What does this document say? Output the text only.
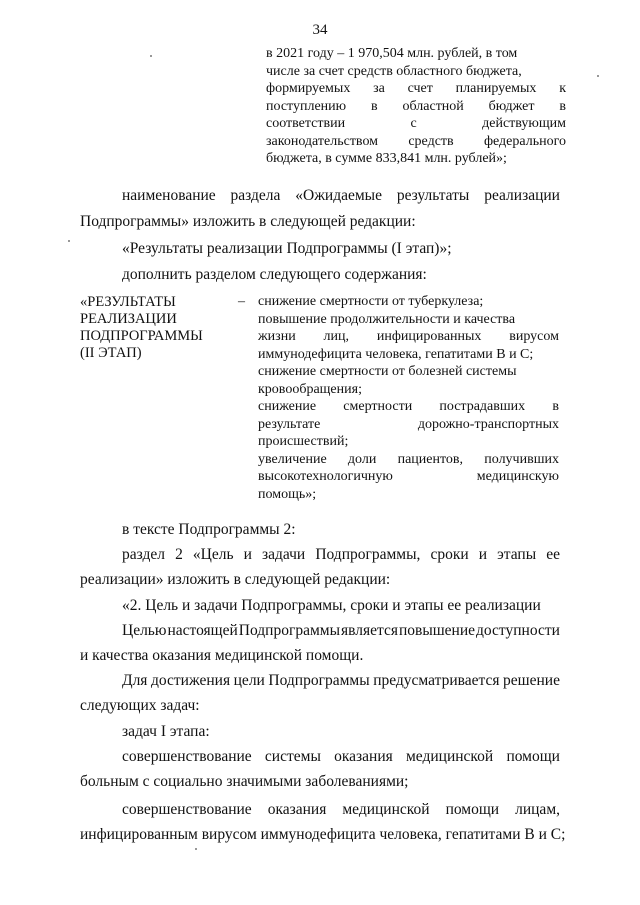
34
в 2021 году – 1 970,504 млн. рублей, в том
числе за счет средств областного бюджета,
формируемых за счет планируемых к
поступлению в областной бюджет в
соответствии	с	действующим
законодательством средств федерального
бюджета, в сумме 833,841 млн. рублей»;
наименование раздела «Ожидаемые результаты реализации
Подпрограммы» изложить в следующей редакции:
«Результаты реализации Подпрограммы (I этап)»;
дополнить разделом следующего содержания:
«РЕЗУЛЬТАТЫ
РЕАЛИЗАЦИИ
ПОДПРОГРАММЫ
(II ЭТАП)
– снижение смертности от туберкулеза;
повышение продолжительности и качества
жизни лиц, инфицированных вирусом
иммунодефицита человека, гепатитами B и C;
снижение смертности от болезней системы
кровообращения;
снижение смертности пострадавших в
результате	дорожно-транспортных
происшествий;
увеличение доли пациентов, получивших
высокотехнологичную	медицинскую
помощь»;
в тексте Подпрограммы 2:
раздел 2 «Цель и задачи Подпрограммы, сроки и этапы ее
реализации» изложить в следующей редакции:
«2. Цель и задачи Подпрограммы, сроки и этапы ее реализации
Целью настоящей Подпрограммы является повышение доступности
и качества оказания медицинской помощи.
Для достижения цели Подпрограммы предусматривается решение
следующих задач:
задач I этапа:
совершенствование системы оказания медицинской помощи
больным с социально значимыми заболеваниями;
совершенствование оказания медицинской помощи лицам,
инфицированным вирусом иммунодефицита человека, гепатитами B и C;
